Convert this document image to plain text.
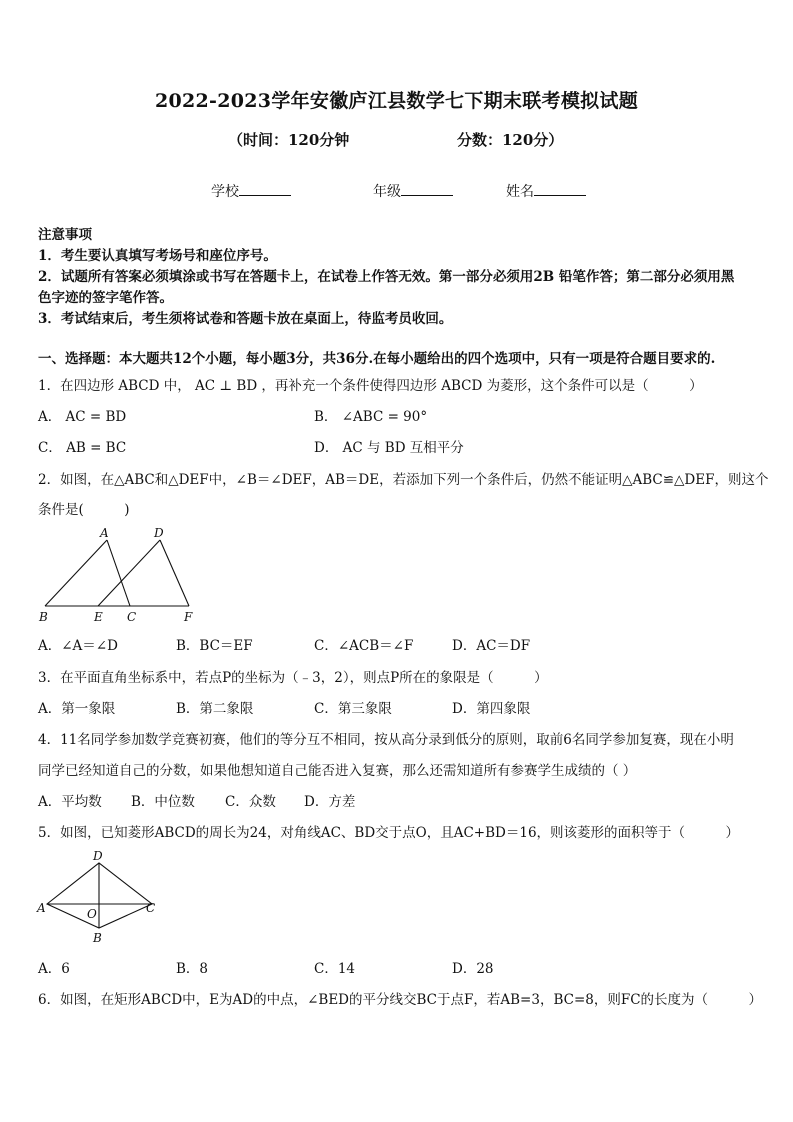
2022-2023学年安徽庐江县数学七下期末联考模拟试题
（时间：120分钟	分数：120分）
学校	年级	姓名
注意事项
1．考生要认真填写考场号和座位序号。
2．试题所有答案必须填涂或书写在答题卡上，在试卷上作答无效。第一部分必须用2B 铅笔作答；第二部分必须用黑
色字迹的签字笔作答。
3．考试结束后，考生须将试卷和答题卡放在桌面上，待监考员收回。
一、选择题：本大题共12个小题，每小题3分，共36分.在每小题给出的四个选项中，只有一项是符合题目要求的.
1．在四边形 ABCD 中， AC ⊥ BD ，再补充一个条件使得四边形 ABCD 为菱形，这个条件可以是（　　　）
A． AC = BD	B． ∠ABC = 90°
C． AB = BC	D． AC 与 BD 互相平分
2．如图，在△ABC和△DEF中，∠B＝∠DEF，AB＝DE，若添加下列一个条件后，仍然不能证明△ABC≌△DEF，则这个
条件是(　　　)
A	D
B	E C	F
A．∠A＝∠D	B．BC＝EF	C．∠ACB＝∠F	D．AC＝DF
3．在平面直角坐标系中，若点P的坐标为（﹣3，2），则点P所在的象限是（　　　）
A．第一象限	B．第二象限	C．第三象限	D．第四象限
4．11名同学参加数学竞赛初赛，他们的等分互不相同，按从高分录到低分的原则，取前6名同学参加复赛，现在小明
同学已经知道自己的分数，如果他想知道自己能否进入复赛，那么还需知道所有参赛学生成绩的（ ）
A．平均数 B．中位数 C．众数 D．方差
5．如图，已知菱形ABCD的周长为24，对角线AC、BD交于点O，且AC+BD＝16，则该菱形的面积等于（　　　）
D
A	O	C
B
A．6	B．8	C．14	D．28
6．如图，在矩形ABCD中，E为AD的中点，∠BED的平分线交BC于点F，若AB=3，BC=8，则FC的长度为（　　　）
